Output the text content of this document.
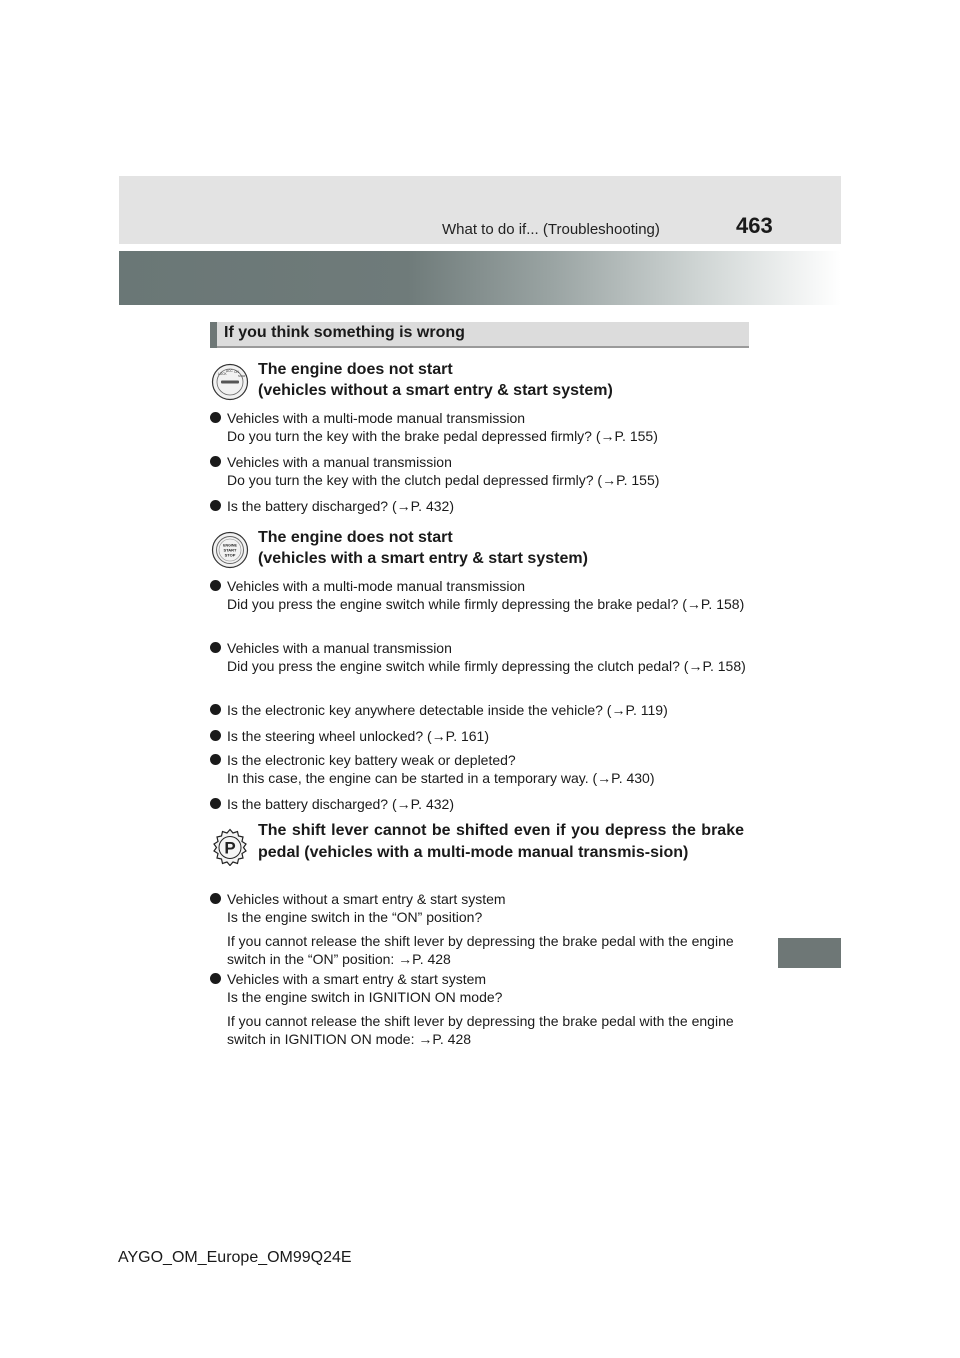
What to do if... (Troubleshooting)	463
If you think something is wrong
LOCK
ACC ON
START The engine does not start
(vehicles without a smart entry & start system)
Vehicles with a multi-mode manual transmission
Do you turn the key with the brake pedal depressed firmly? (→P. 155)
Vehicles with a manual transmission
Do you turn the key with the clutch pedal depressed firmly? (→P. 155)
Is the battery discharged? (→P. 432)
ENGINE
START
STOP
The engine does not start
(vehicles with a smart entry & start system)
Vehicles with a multi-mode manual transmission
Did you press the engine switch while firmly depressing the brake pedal? (→P. 158)
Vehicles with a manual transmission
Did you press the engine switch while firmly depressing the clutch pedal? (→P. 158)
Is the electronic key anywhere detectable inside the vehicle? (→P. 119)
Is the steering wheel unlocked? (→P. 161)
Is the electronic key battery weak or depleted?
In this case, the engine can be started in a temporary way. (→P. 430)
Is the battery discharged? (→P. 432)
P
The shift lever cannot be shifted even if you depress the brake pedal (vehicles with a multi-mode manual transmis-sion)
Vehicles without a smart entry & start system
Is the engine switch in the “ON” position?
If you cannot release the shift lever by depressing the brake pedal with the engine switch in the “ON” position: →P. 428
Vehicles with a smart entry & start system
Is the engine switch in IGNITION ON mode?
If you cannot release the shift lever by depressing the brake pedal with the engine switch in IGNITION ON mode: →P. 428
AYGO_OM_Europe_OM99Q24E
